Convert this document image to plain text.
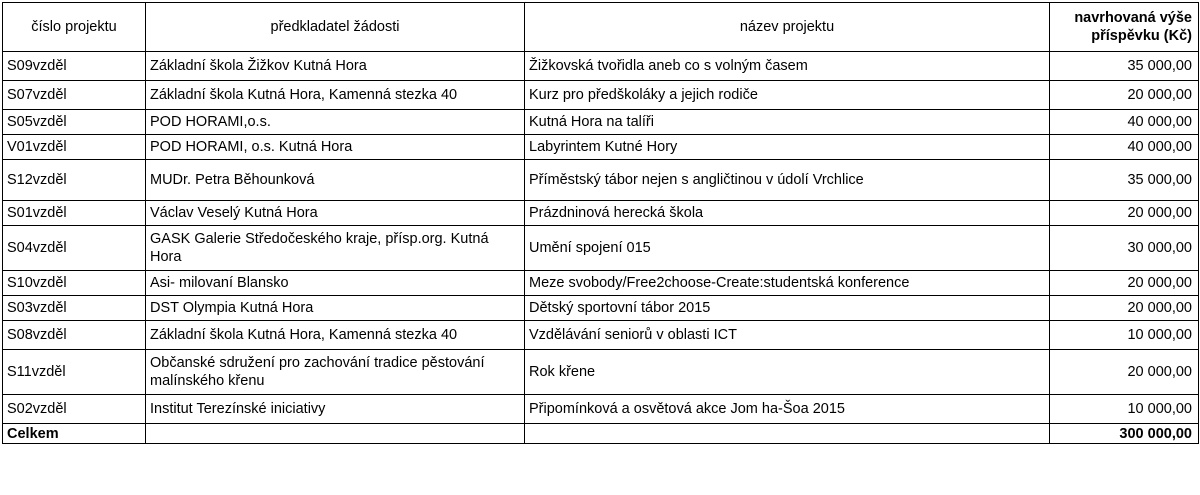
číslo projektu	předkladatel žádosti	název projektu	navrhovaná výše příspěvku (Kč)
S09vzděl	Základní škola Žižkov Kutná Hora	Žižkovská tvořidla aneb co s volným časem	35 000,00
S07vzděl	Základní škola Kutná Hora, Kamenná stezka 40	Kurz pro předškoláky a jejich rodiče	20 000,00
S05vzděl	POD HORAMI,o.s.	Kutná Hora na talíři	40 000,00
V01vzděl	POD HORAMI, o.s. Kutná Hora	Labyrintem Kutné Hory	40 000,00
S12vzděl	MUDr. Petra Běhounková	Příměstský tábor nejen s angličtinou v údolí Vrchlice	35 000,00
S01vzděl	Václav Veselý Kutná Hora	Prázdninová herecká škola	20 000,00
S04vzděl	GASK Galerie Středočeského kraje, přísp.org. Kutná Hora	Umění spojení 015	30 000,00
S10vzděl	Asi- milovaní Blansko	Meze svobody/Free2choose-Create:studentská konference	20 000,00
S03vzděl	DST Olympia Kutná Hora	Dětský sportovní tábor 2015	20 000,00
S08vzděl	Základní škola Kutná Hora, Kamenná stezka 40	Vzdělávání seniorů v oblasti ICT	10 000,00
S11vzděl	Občanské sdružení pro zachování tradice pěstování malínského křenu	Rok křene	20 000,00
S02vzděl	Institut Terezínské iniciativy	Připomínková a osvětová akce Jom ha-Šoa 2015	10 000,00
Celkem			300 000,00
